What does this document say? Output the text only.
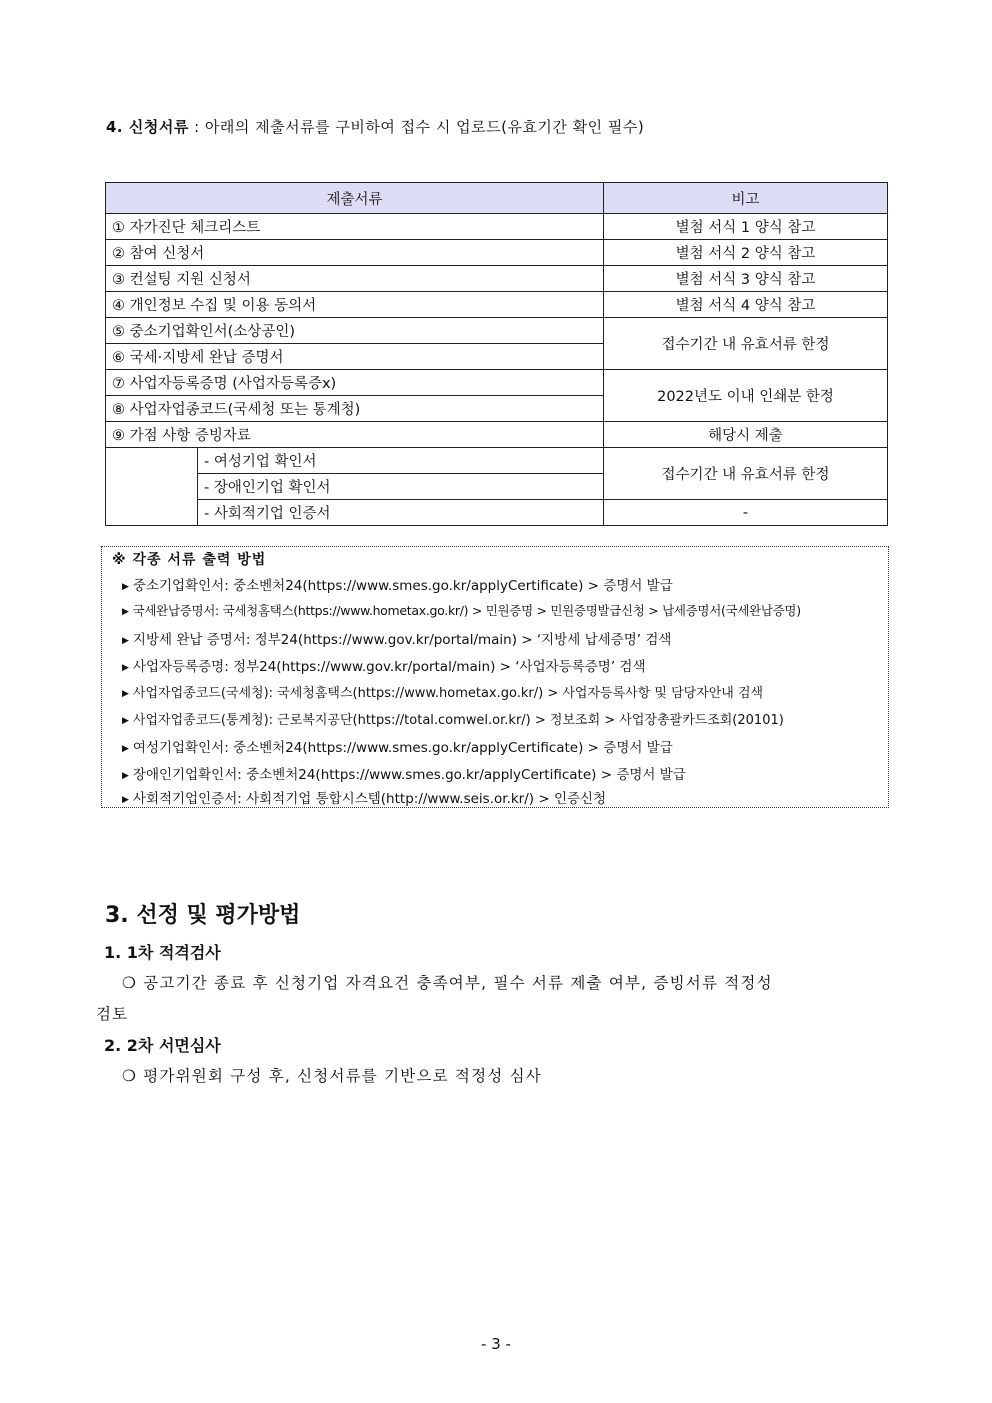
4. 신청서류 : 아래의 제출서류를 구비하여 접수 시 업로드(유효기간 확인 필수)
제출서류		비고
① 자가진단 체크리스트		별첨 서식 1 양식 참고
② 참여 신청서		별첨 서식 2 양식 참고
③ 컨설팅 지원 신청서		별첨 서식 3 양식 참고
④ 개인정보 수집 및 이용 동의서		별첨 서식 4 양식 참고
⑤ 중소기업확인서(소상공인)		접수기간 내 유효서류 한정
⑥ 국세·지방세 완납 증명서		
⑦ 사업자등록증명 (사업자등록증x)		2022년도 이내 인쇄분 한정
⑧ 사업자업종코드(국세청 또는 통계청)		
⑨ 가점 사항 증빙자료		해당시 제출
	- 여성기업 확인서	접수기간 내 유효서류 한정
	- 장애인기업 확인서	
	- 사회적기업 인증서	-
※ 각종 서류 출력 방법
▶ 중소기업확인서: 중소벤처24(https://www.smes.go.kr/applyCertificate) > 증명서 발급
▶ 국세완납증명서: 국세청홈택스(https://www.hometax.go.kr/) > 민원증명 > 민원증명발급신청 > 납세증명서(국세완납증명)
▶ 지방세 완납 증명서: 정부24(https://www.gov.kr/portal/main) > ‘지방세 납세증명’ 검색
▶ 사업자등록증명: 정부24(https://www.gov.kr/portal/main) > ‘사업자등록증명’ 검색
▶ 사업자업종코드(국세청): 국세청홈택스(https://www.hometax.go.kr/) > 사업자등록사항 및 담당자안내 검색
▶ 사업자업종코드(통계청): 근로복지공단(https://total.comwel.or.kr/) > 정보조회 > 사업장총괄카드조회(20101)
▶ 여성기업확인서: 중소벤처24(https://www.smes.go.kr/applyCertificate) > 증명서 발급
▶ 장애인기업확인서: 중소벤처24(https://www.smes.go.kr/applyCertificate) > 증명서 발급
▶ 사회적기업인증서: 사회적기업 통합시스템(http://www.seis.or.kr/) > 인증신청
3. 선정 및 평가방법
1. 1차 적격검사
❍ 공고기간 종료 후 신청기업 자격요건 충족여부, 필수 서류 제출 여부, 증빙서류 적정성
검토
2. 2차 서면심사
❍ 평가위원회 구성 후, 신청서류를 기반으로 적정성 심사
- 3 -
